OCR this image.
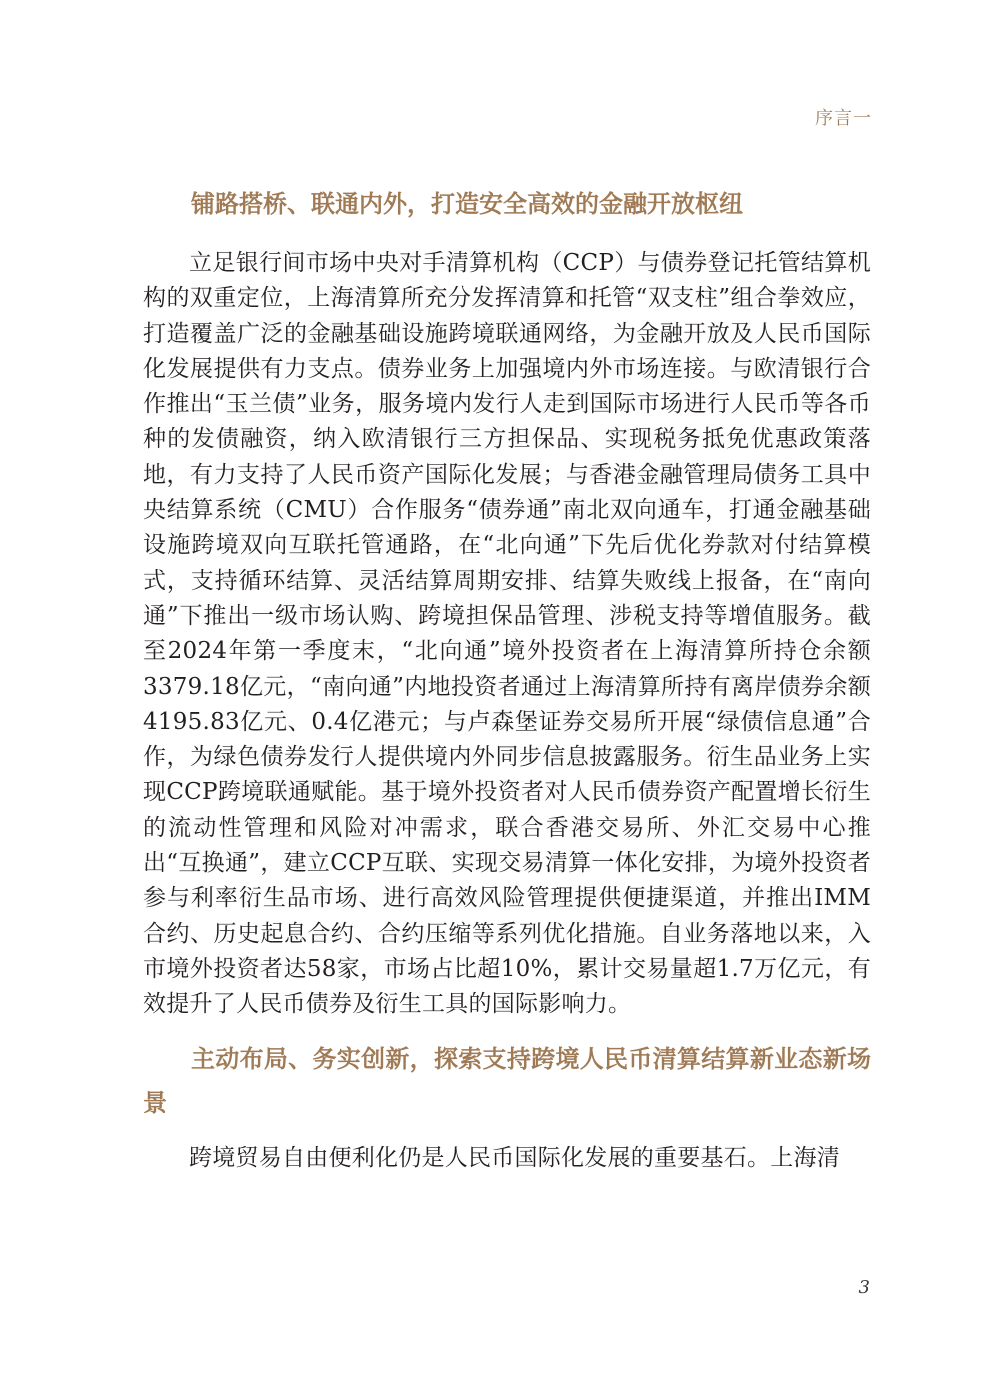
序言一
铺路搭桥、联通内外，打造安全高效的金融开放枢纽

立足银行间市场中央对手清算机构（CCP）与债券登记托管结算机构的双重定位，上海清算所充分发挥清算和托管“双支柱”组合拳效应，打造覆盖广泛的金融基础设施跨境联通网络，为金融开放及人民币国际化发展提供有力支点。债券业务上加强境内外市场连接。与欧清银行合作推出“玉兰债”业务，服务境内发行人走到国际市场进行人民币等各币种的发债融资，纳入欧清银行三方担保品、实现税务抵免优惠政策落地，有力支持了人民币资产国际化发展；与香港金融管理局债务工具中央结算系统（CMU）合作服务“债券通”南北双向通车，打通金融基础设施跨境双向互联托管通路，在“北向通”下先后优化券款对付结算模式，支持循环结算、灵活结算周期安排、结算失败线上报备，在“南向通”下推出一级市场认购、跨境担保品管理、涉税支持等增值服务。截至2024年第一季度末，“北向通”境外投资者在上海清算所持仓余额3379.18亿元，“南向通”内地投资者通过上海清算所持有离岸债券余额4195.83亿元、0.4亿港元；与卢森堡证券交易所开展“绿债信息通”合作，为绿色债券发行人提供境内外同步信息披露服务。衍生品业务上实现CCP跨境联通赋能。基于境外投资者对人民币债券资产配置增长衍生的流动性管理和风险对冲需求，联合香港交易所、外汇交易中心推出“互换通”，建立CCP互联、实现交易清算一体化安排，为境外投资者参与利率衍生品市场、进行高效风险管理提供便捷渠道，并推出IMM合约、历史起息合约、合约压缩等系列优化措施。自业务落地以来，入市境外投资者达58家，市场占比超10%，累计交易量超1.7万亿元，有效提升了人民币债券及衍生工具的国际影响力。

主动布局、务实创新，探索支持跨境人民币清算结算新业态新场景

跨境贸易自由便利化仍是人民币国际化发展的重要基石。上海清

3
